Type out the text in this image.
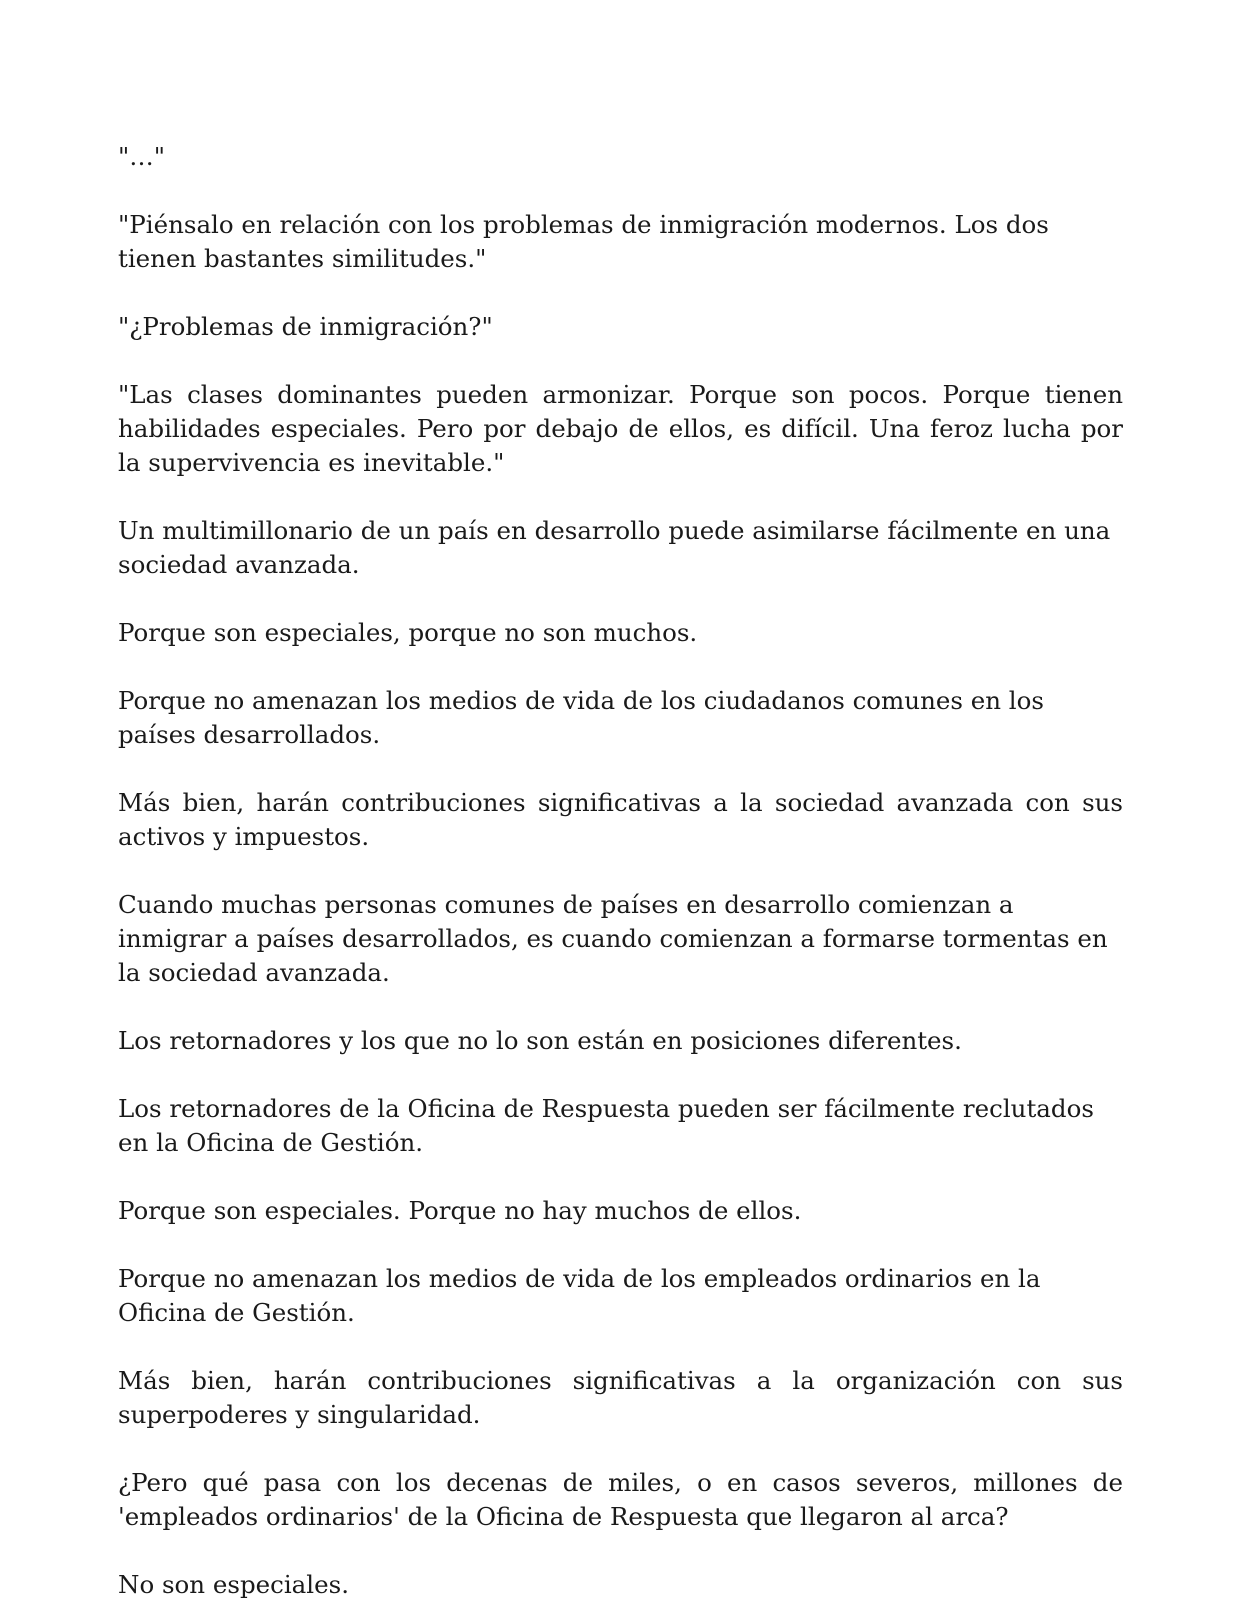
"…"

"Piénsalo en relación con los problemas de inmigración modernos. Los dos tienen bastantes similitudes."

"¿Problemas de inmigración?"

"Las clases dominantes pueden armonizar. Porque son pocos. Porque tienen habilidades especiales. Pero por debajo de ellos, es difícil. Una feroz lucha por la supervivencia es inevitable."

Un multimillonario de un país en desarrollo puede asimilarse fácilmente en una sociedad avanzada.

Porque son especiales, porque no son muchos.

Porque no amenazan los medios de vida de los ciudadanos comunes en los países desarrollados.

Más bien, harán contribuciones significativas a la sociedad avanzada con sus activos y impuestos.

Cuando muchas personas comunes de países en desarrollo comienzan a inmigrar a países desarrollados, es cuando comienzan a formarse tormentas en la sociedad avanzada.

Los retornadores y los que no lo son están en posiciones diferentes.

Los retornadores de la Oficina de Respuesta pueden ser fácilmente reclutados en la Oficina de Gestión.

Porque son especiales. Porque no hay muchos de ellos.

Porque no amenazan los medios de vida de los empleados ordinarios en la Oficina de Gestión.

Más bien, harán contribuciones significativas a la organización con sus superpoderes y singularidad.

¿Pero qué pasa con los decenas de miles, o en casos severos, millones de 'empleados ordinarios' de la Oficina de Respuesta que llegaron al arca?

No son especiales.
